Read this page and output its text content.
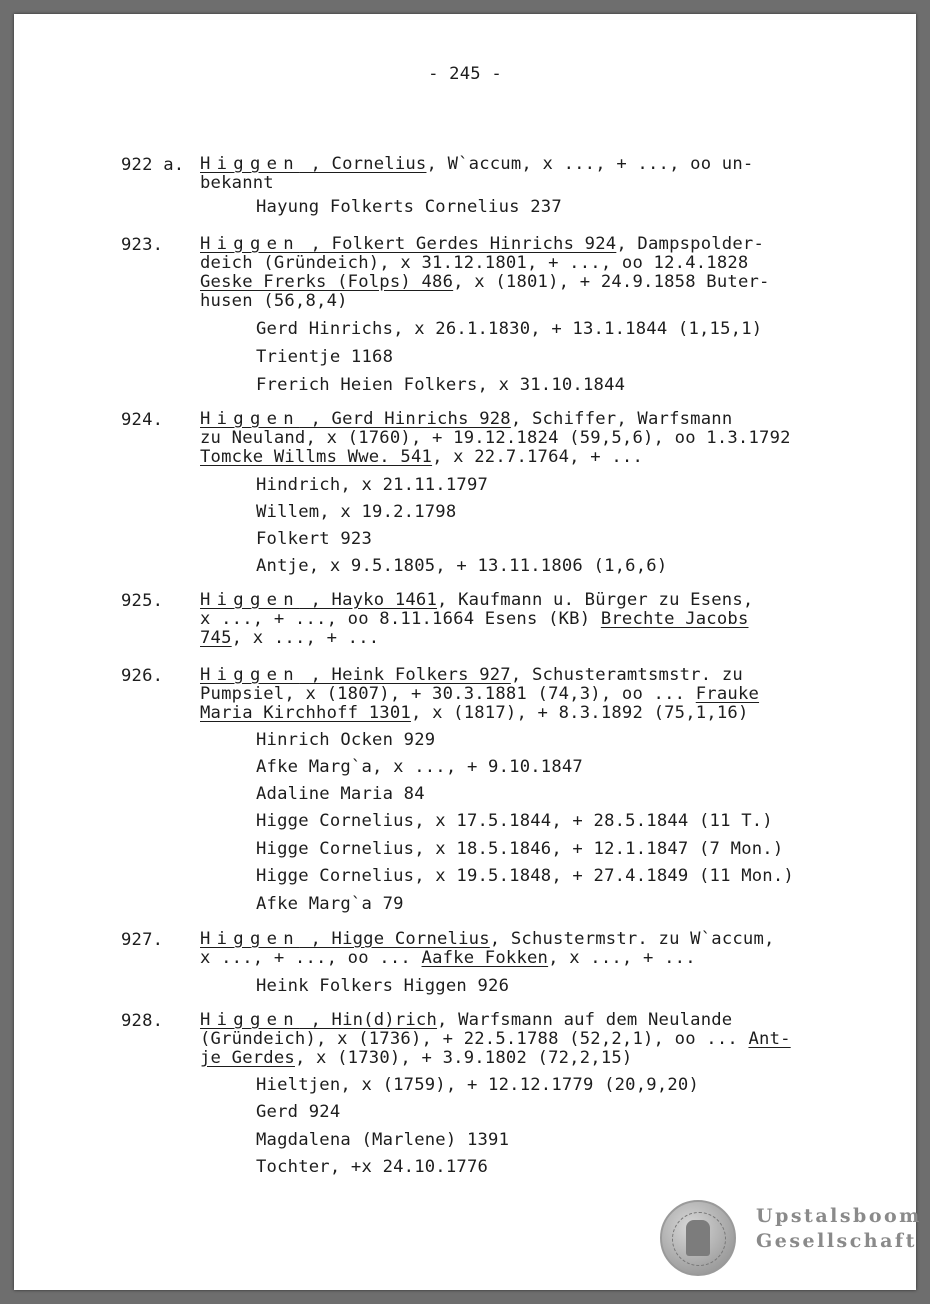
- 245 -
922 a. Higgen , Cornelius, W`accum, x ..., + ..., oo un-
bekannt
Hayung Folkerts Cornelius 237
923. Higgen , Folkert Gerdes Hinrichs 924, Dampspolder-
deich (Gründeich), x 31.12.1801, + ..., oo 12.4.1828
Geske Frerks (Folps) 486, x (1801), + 24.9.1858 Buter-
husen (56,8,4)
Gerd Hinrichs, x 26.1.1830, + 13.1.1844 (1,15,1)
Trientje 1168
Frerich Heien Folkers, x 31.10.1844
924. Higgen , Gerd Hinrichs 928, Schiffer, Warfsmann
zu Neuland, x (1760), + 19.12.1824 (59,5,6), oo 1.3.1792
Tomcke Willms Wwe. 541, x 22.7.1764, + ...
Hindrich, x 21.11.1797
Willem, x 19.2.1798
Folkert 923
Antje, x 9.5.1805, + 13.11.1806 (1,6,6)
925. Higgen , Hayko 1461, Kaufmann u. Bürger zu Esens,
x ..., + ..., oo 8.11.1664 Esens (KB) Brechte Jacobs
745, x ..., + ...
926. Higgen , Heink Folkers 927, Schusteramtsmstr. zu
Pumpsiel, x (1807), + 30.3.1881 (74,3), oo ... Frauke
Maria Kirchhoff 1301, x (1817), + 8.3.1892 (75,1,16)
Hinrich Ocken 929
Afke Marg`a, x ..., + 9.10.1847
Adaline Maria 84
Higge Cornelius, x 17.5.1844, + 28.5.1844 (11 T.)
Higge Cornelius, x 18.5.1846, + 12.1.1847 (7 Mon.)
Higge Cornelius, x 19.5.1848, + 27.4.1849 (11 Mon.)
Afke Marg`a 79
927. Higgen , Higge Cornelius, Schustermstr. zu W`accum,
x ..., + ..., oo ... Aafke Fokken, x ..., + ...
Heink Folkers Higgen 926
928. Higgen , Hin(d)rich, Warfsmann auf dem Neulande
(Gründeich), x (1736), + 22.5.1788 (52,2,1), oo ... Ant-
je Gerdes, x (1730), + 3.9.1802 (72,2,15)
Hieltjen, x (1759), + 12.12.1779 (20,9,20)
Gerd 924
Magdalena (Marlene) 1391
Tochter, +x 24.10.1776
Upstalsboom
Gesellschaft
